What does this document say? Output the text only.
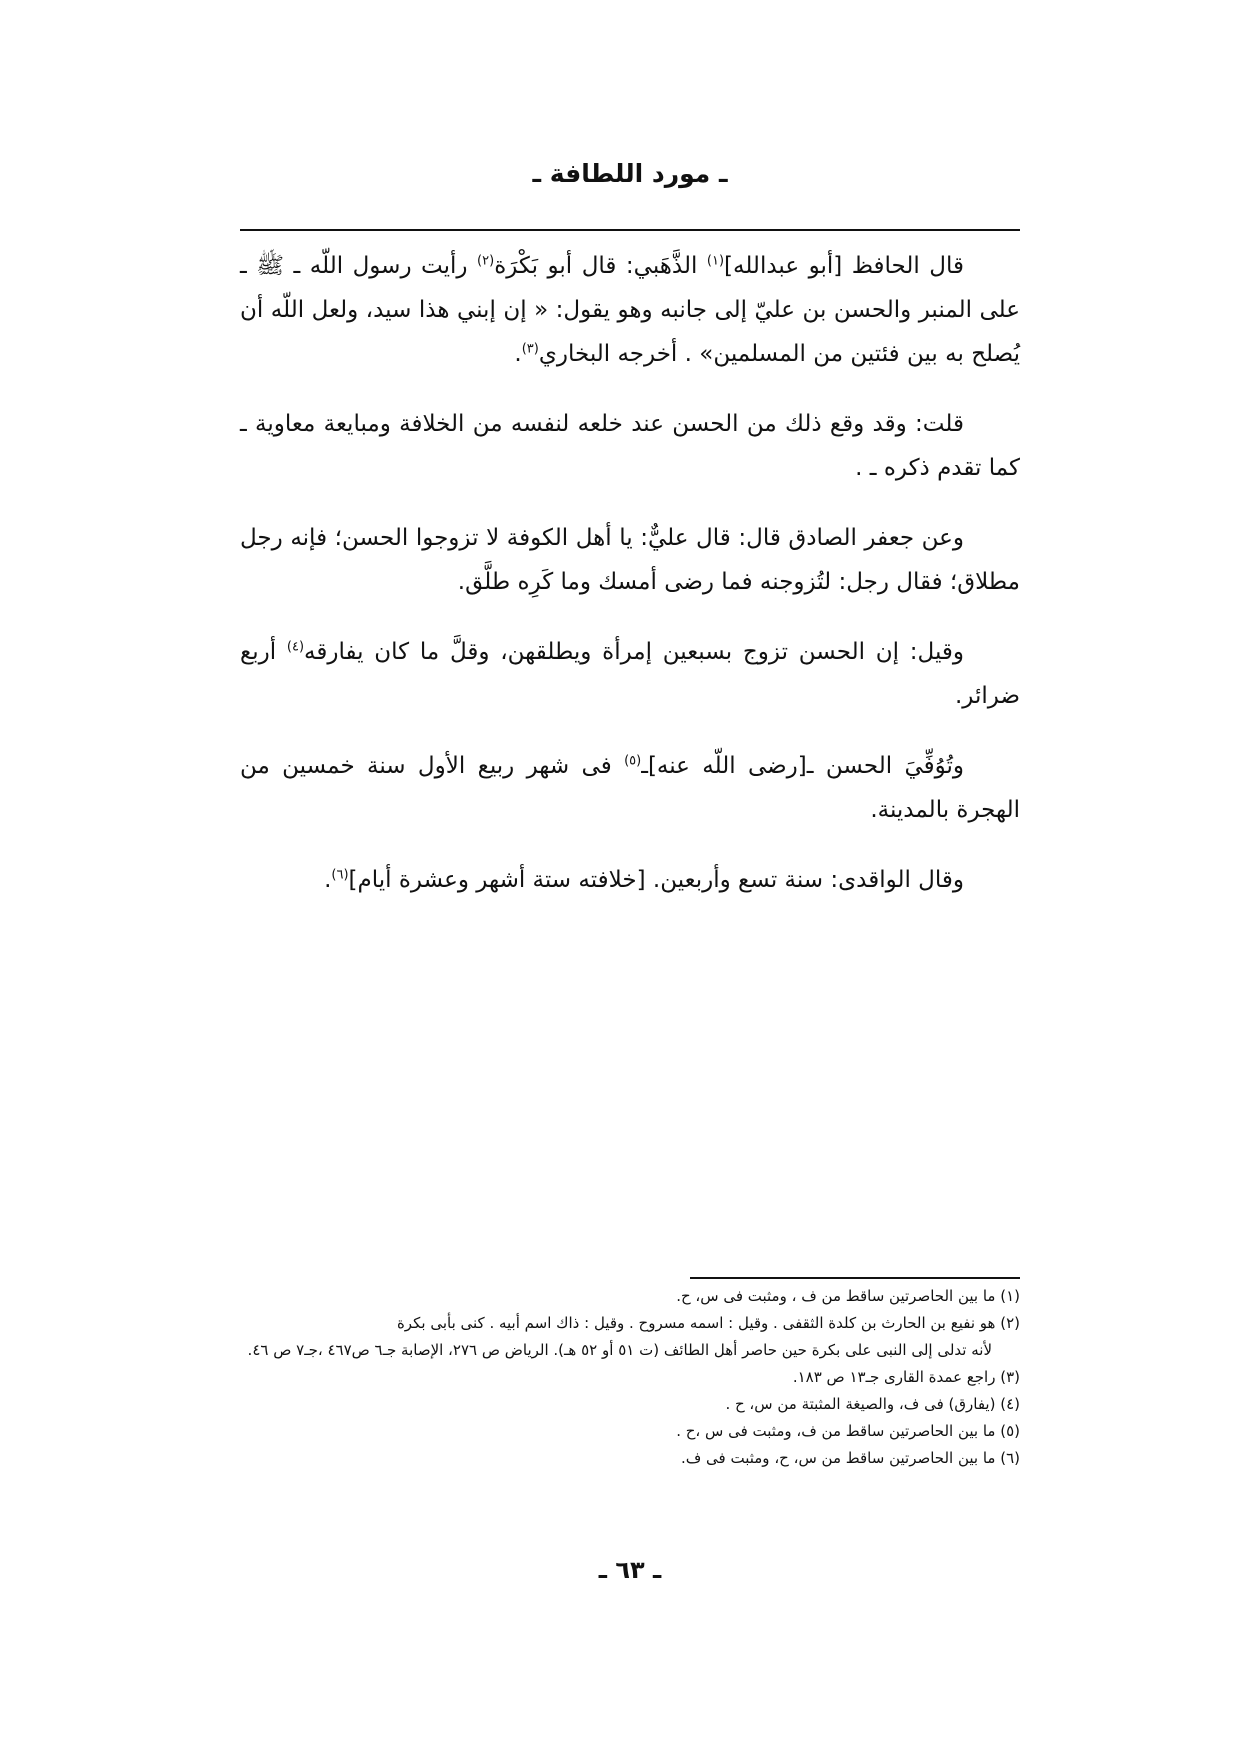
ـ مورد اللطافة ـ

قال الحافظ [أبو عبدالله]$^{(١)}$ الذَّهَبي: قال أبو بَكْرَة$^{(٢)}$ رأيت رسول اللّه ـ ﷺ ـ على المنبر والحسن بن عليّ إلى جانبه وهو يقول: « إن إبني هذا سيد، ولعل اللّه أن يُصلح به بين فئتين من المسلمين» . أخرجه البخاري$^{(٣)}$.

قلت: وقد وقع ذلك من الحسن عند خلعه لنفسه من الخلافة ومبايعة معاوية ـ كما تقدم ذكره ـ .

وعن جعفر الصادق قال: قال عليٌّ: يا أهل الكوفة لا تزوجوا الحسن؛ فإنه رجل مطلاق؛ فقال رجل: لتُزوجنه فما رضى أمسك وما كَرِه طلَّق.

وقيل: إن الحسن تزوج بسبعين إمرأة ويطلقهن، وقلَّ ما كان يفارقه$^{(٤)}$ أربع ضرائر.

وتُوُفِّيَ الحسن ـ[رضى اللّه عنه]ـ$^{(٥)}$ فى شهر ربيع الأول سنة خمسين من الهجرة بالمدينة.

وقال الواقدى: سنة تسع وأربعين. [خلافته ستة أشهر وعشرة أيام]$^{(٦)}$.

(١) ما بين الحاصرتين ساقط من ف ، ومثبت فى س، ح.

(٢) هو نفيع بن الحارث بن كلدة الثقفى . وقيل : اسمه مسروح . وقيل : ذاك اسم أبيه . كنى بأبى بكرة

لأنه تدلى إلى النبى على بكرة حين حاصر أهل الطائف (ت ٥١ أو ٥٢ هـ). الرياض ص ٢٧٦، الإصابة جـ٦ ص٤٦٧ ،جـ٧ ص ٤٦.

(٣) راجع عمدة القارى جـ١٣ ص ١٨٣.

(٤) (يفارق) فى ف، والصيغة المثبتة من س، ح .

(٥) ما بين الحاصرتين ساقط من ف، ومثبت فى س ،ح .

(٦) ما بين الحاصرتين ساقط من س، ح، ومثبت فى ف.

ـ ٦٣ ـ
